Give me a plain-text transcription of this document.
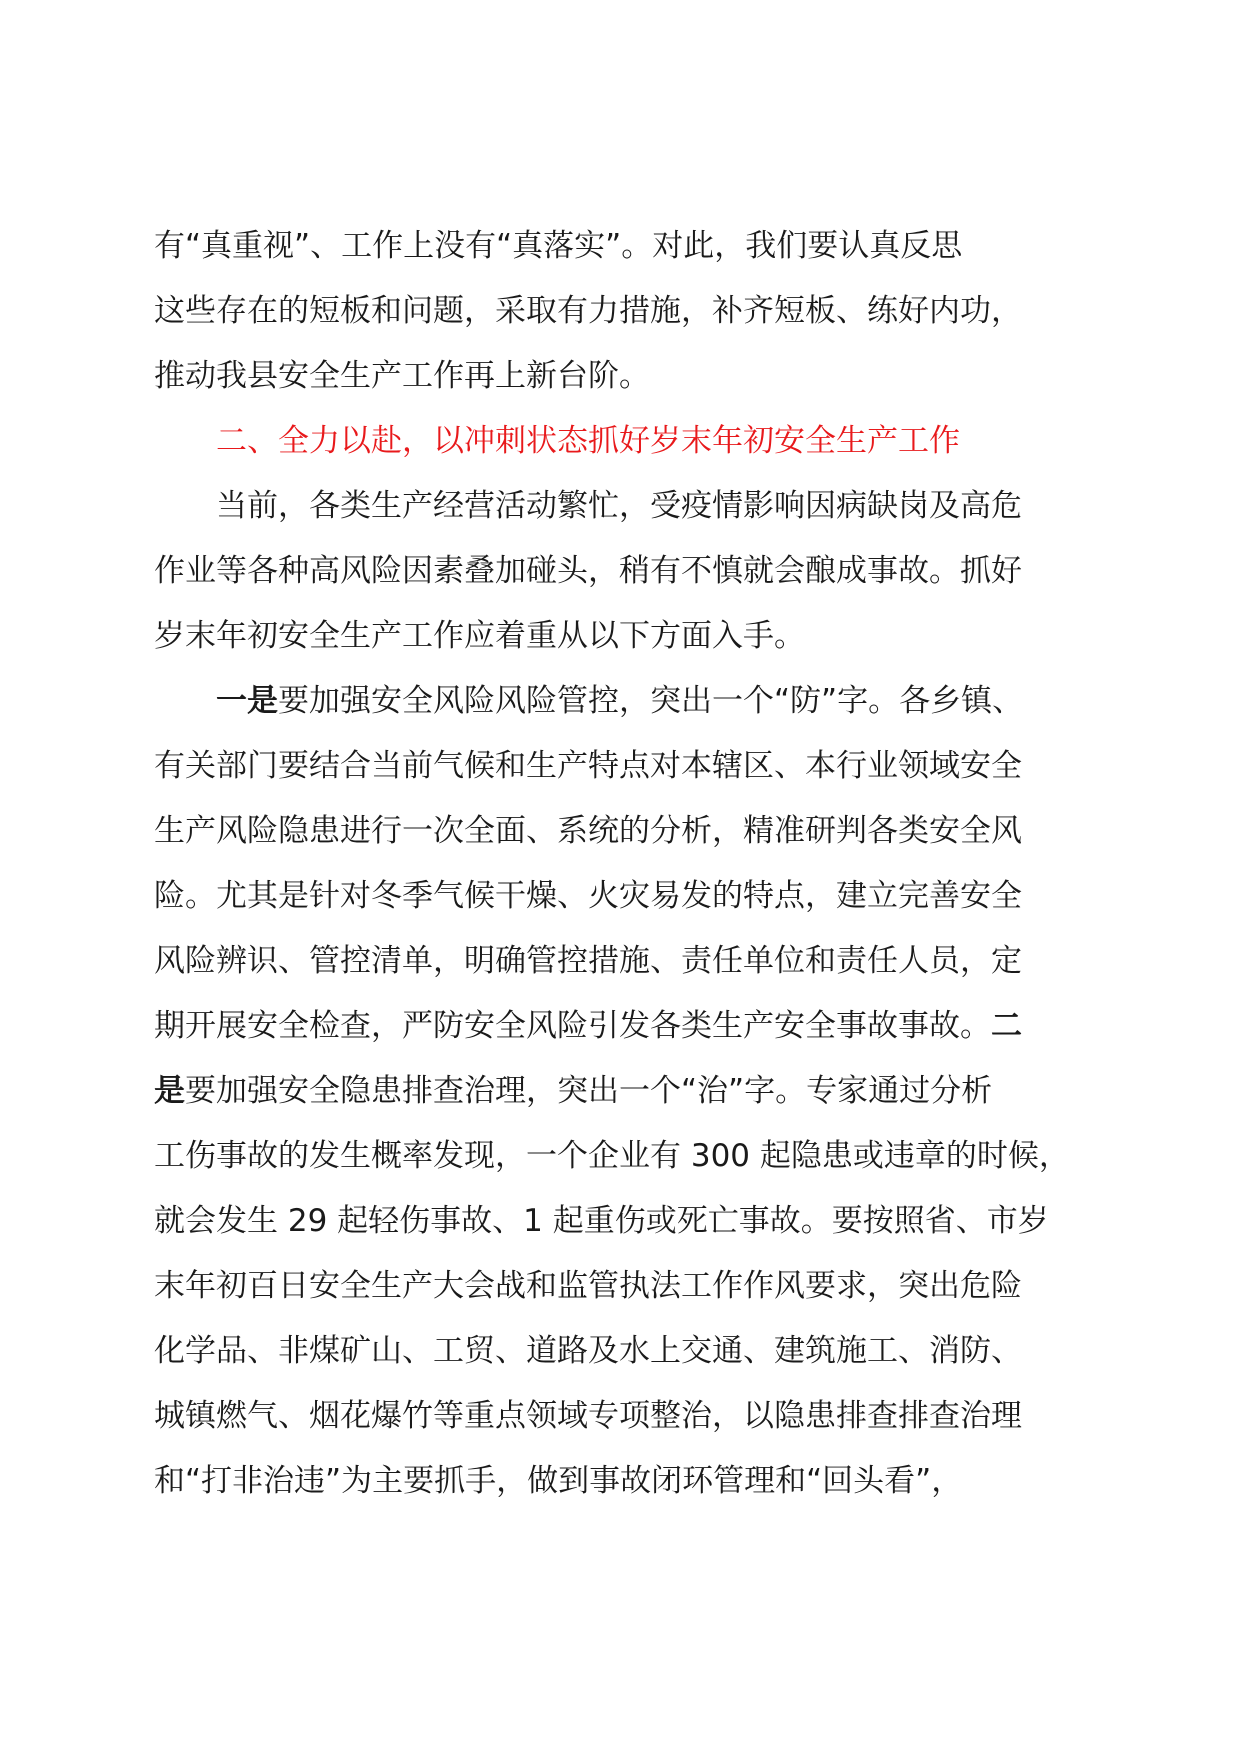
有“真重视”、工作上没有“真落实”。对此，我们要认真反思
这些存在的短板和问题，采取有力措施，补齐短板、练好内功，
推动我县安全生产工作再上新台阶。
二、全力以赴，以冲刺状态抓好岁末年初安全生产工作
当前，各类生产经营活动繁忙，受疫情影响因病缺岗及高危
作业等各种高风险因素叠加碰头，稍有不慎就会酿成事故。抓好
岁末年初安全生产工作应着重从以下方面入手。
一是要加强安全风险风险管控，突出一个“防”字。各乡镇、
有关部门要结合当前气候和生产特点对本辖区、本行业领域安全
生产风险隐患进行一次全面、系统的分析，精准研判各类安全风
险。尤其是针对冬季气候干燥、火灾易发的特点，建立完善安全
风险辨识、管控清单，明确管控措施、责任单位和责任人员，定
期开展安全检查，严防安全风险引发各类生产安全事故事故。二
是要加强安全隐患排查治理，突出一个“治”字。专家通过分析
工伤事故的发生概率发现，一个企业有 300 起隐患或违章的时候，
就会发生 29 起轻伤事故、1 起重伤或死亡事故。要按照省、市岁
末年初百日安全生产大会战和监管执法工作作风要求，突出危险
化学品、非煤矿山、工贸、道路及水上交通、建筑施工、消防、
城镇燃气、烟花爆竹等重点领域专项整治，以隐患排查排查治理
和“打非治违”为主要抓手，做到事故闭环管理和“回头看”，
